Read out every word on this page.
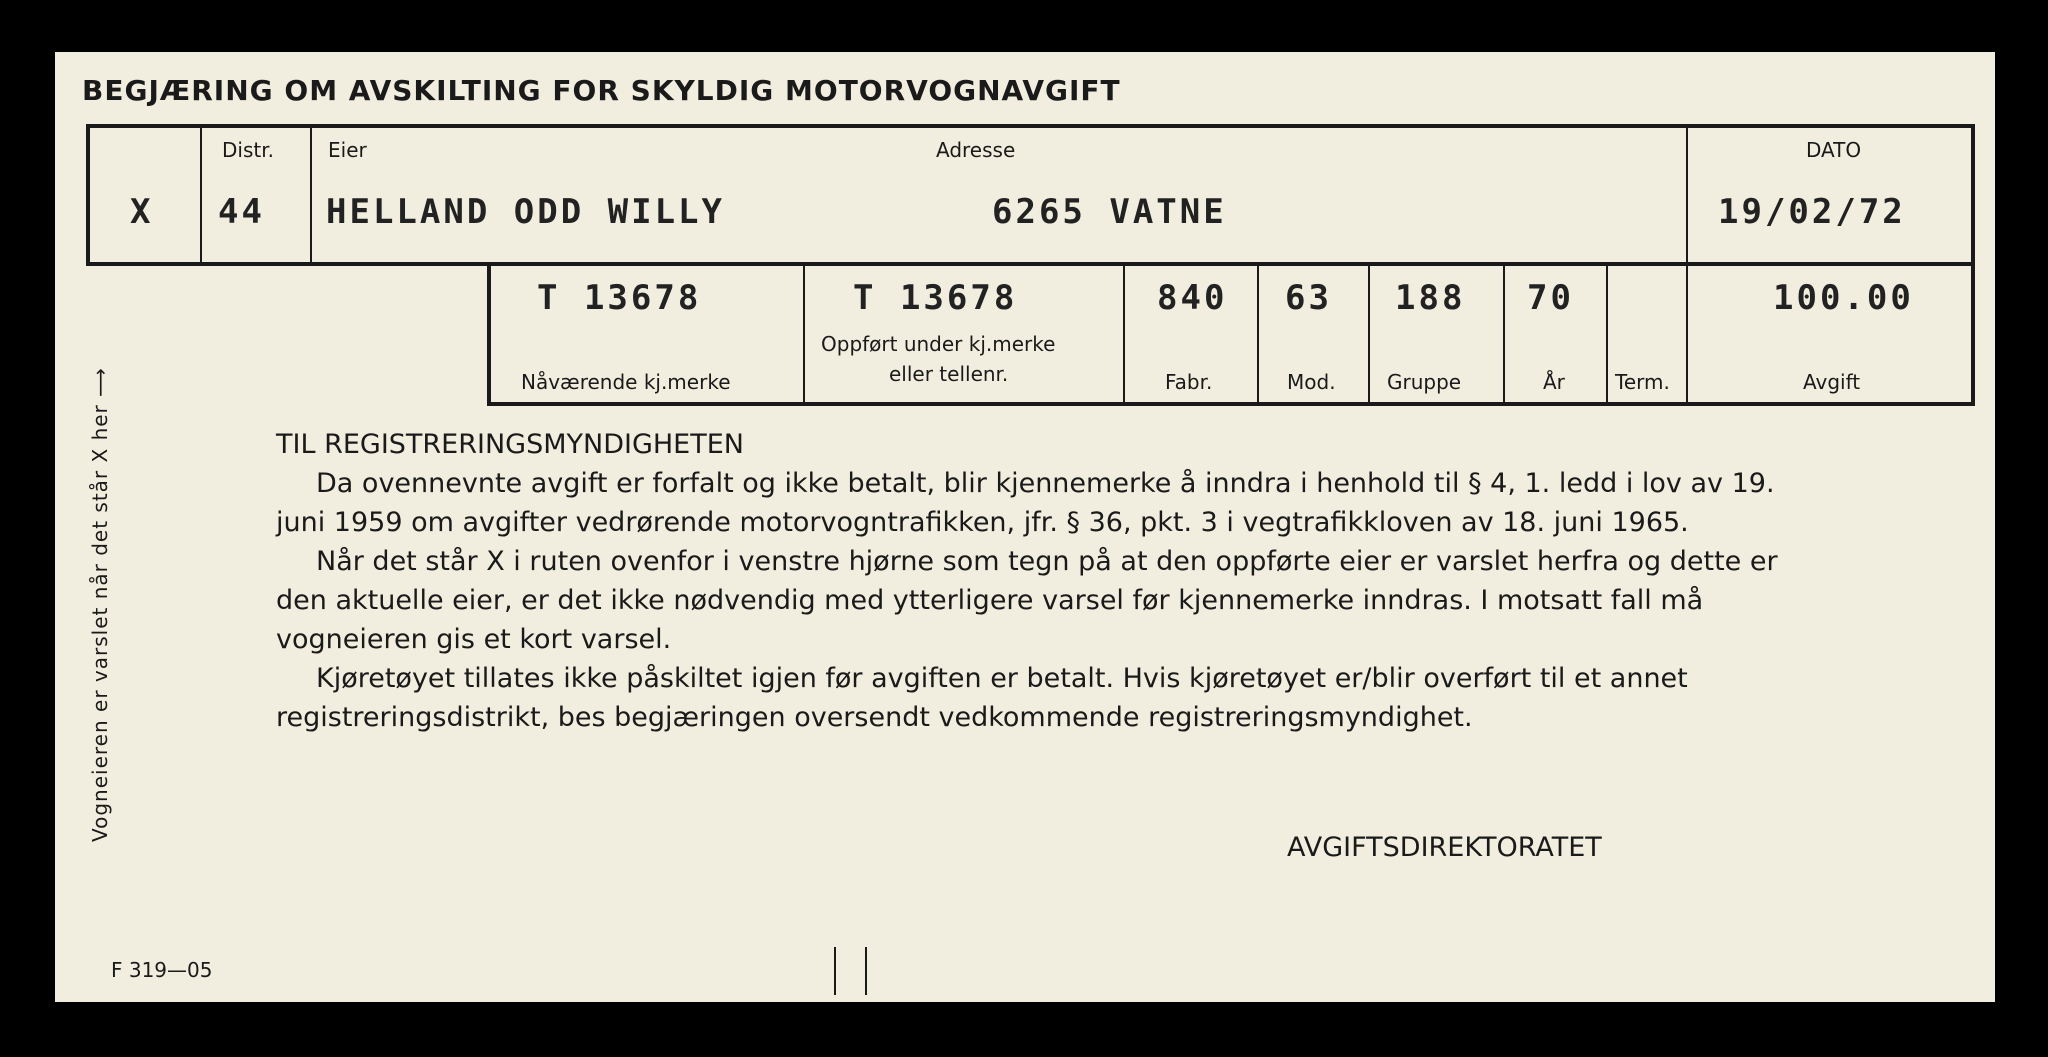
BEGJÆRING OM AVSKILTING FOR SKYLDIG MOTORVOGNAVGIFT
X
Distr.
44
Eier
HELLAND ODD WILLY
Adresse
6265 VATNE
DATO
19/02/72
T 13678
Nåværende kj.merke
T 13678
Oppført under kj.merke
eller tellenr.
840
Fabr.
63
Mod.
188
Gruppe
70
År	Term.
100.00
Avgift
Vogneieren er varslet når det står X her ⟶	TIL REGISTRERINGSMYNDIGHETEN

Da ovennevnte avgift er forfalt og ikke betalt, blir kjennemerke å inndra i henhold til § 4, 1. ledd i lov av 19. juni 1959 om avgifter vedrørende motorvogntrafikken, jfr. § 36, pkt. 3 i vegtrafikkloven av 18. juni 1965.

Når det står X i ruten ovenfor i venstre hjørne som tegn på at den oppførte eier er varslet herfra og dette er den aktuelle eier, er det ikke nødvendig med ytterligere varsel før kjennemerke inndras. I motsatt fall må vogneieren gis et kort varsel.

Kjøretøyet tillates ikke påskiltet igjen før avgiften er betalt. Hvis kjøretøyet er/blir overført til et annet registreringsdistrikt, bes begjæringen oversendt vedkommende registreringsmyndighet.

AVGIFTSDIREKTORATET
F 319—05
